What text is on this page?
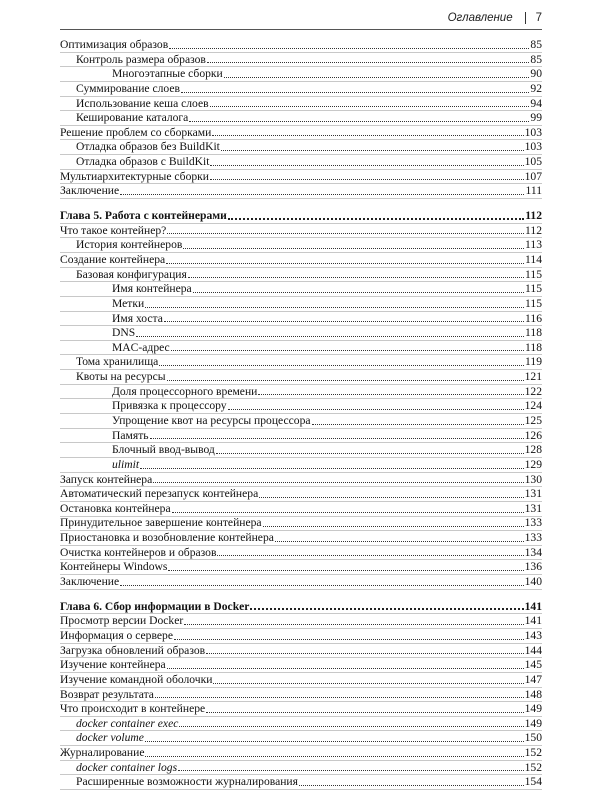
Оглавление 7
Оптимизация образов	85
Контроль размера образов	85
Многоэтапные сборки	90
Суммирование слоев	92
Использование кеша слоев	94
Кеширование каталога	99
Решение проблем со сборками	103
Отладка образов без BuildKit	103
Отладка образов с BuildKit	105
Мультиархитектурные сборки	107
Заключение	111
Глава 5. Работа с контейнерами	112
Что такое контейнер?	112
История контейнеров	113
Создание контейнера	114
Базовая конфигурация	115
Имя контейнера	115
Метки	115
Имя хоста	116
DNS	118
MAC-адрес	118
Тома хранилища	119
Квоты на ресурсы	121
Доля процессорного времени	122
Привязка к процессору	124
Упрощение квот на ресурсы процессора	125
Память	126
Блочный ввод-вывод	128
ulimit	129
Запуск контейнера	130
Автоматический перезапуск контейнера	131
Остановка контейнера	131
Принудительное завершение контейнера	133
Приостановка и возобновление контейнера	133
Очистка контейнеров и образов	134
Контейнеры Windows	136
Заключение	140
Глава 6. Сбор информации в Docker	141
Просмотр версии Docker	141
Информация о сервере	143
Загрузка обновлений образов	144
Изучение контейнера	145
Изучение командной оболочки	147
Возврат результата	148
Что происходит в контейнере	149
docker container exec	149
docker volume	150
Журналирование	152
docker container logs	152
Расширенные возможности журналирования	154
